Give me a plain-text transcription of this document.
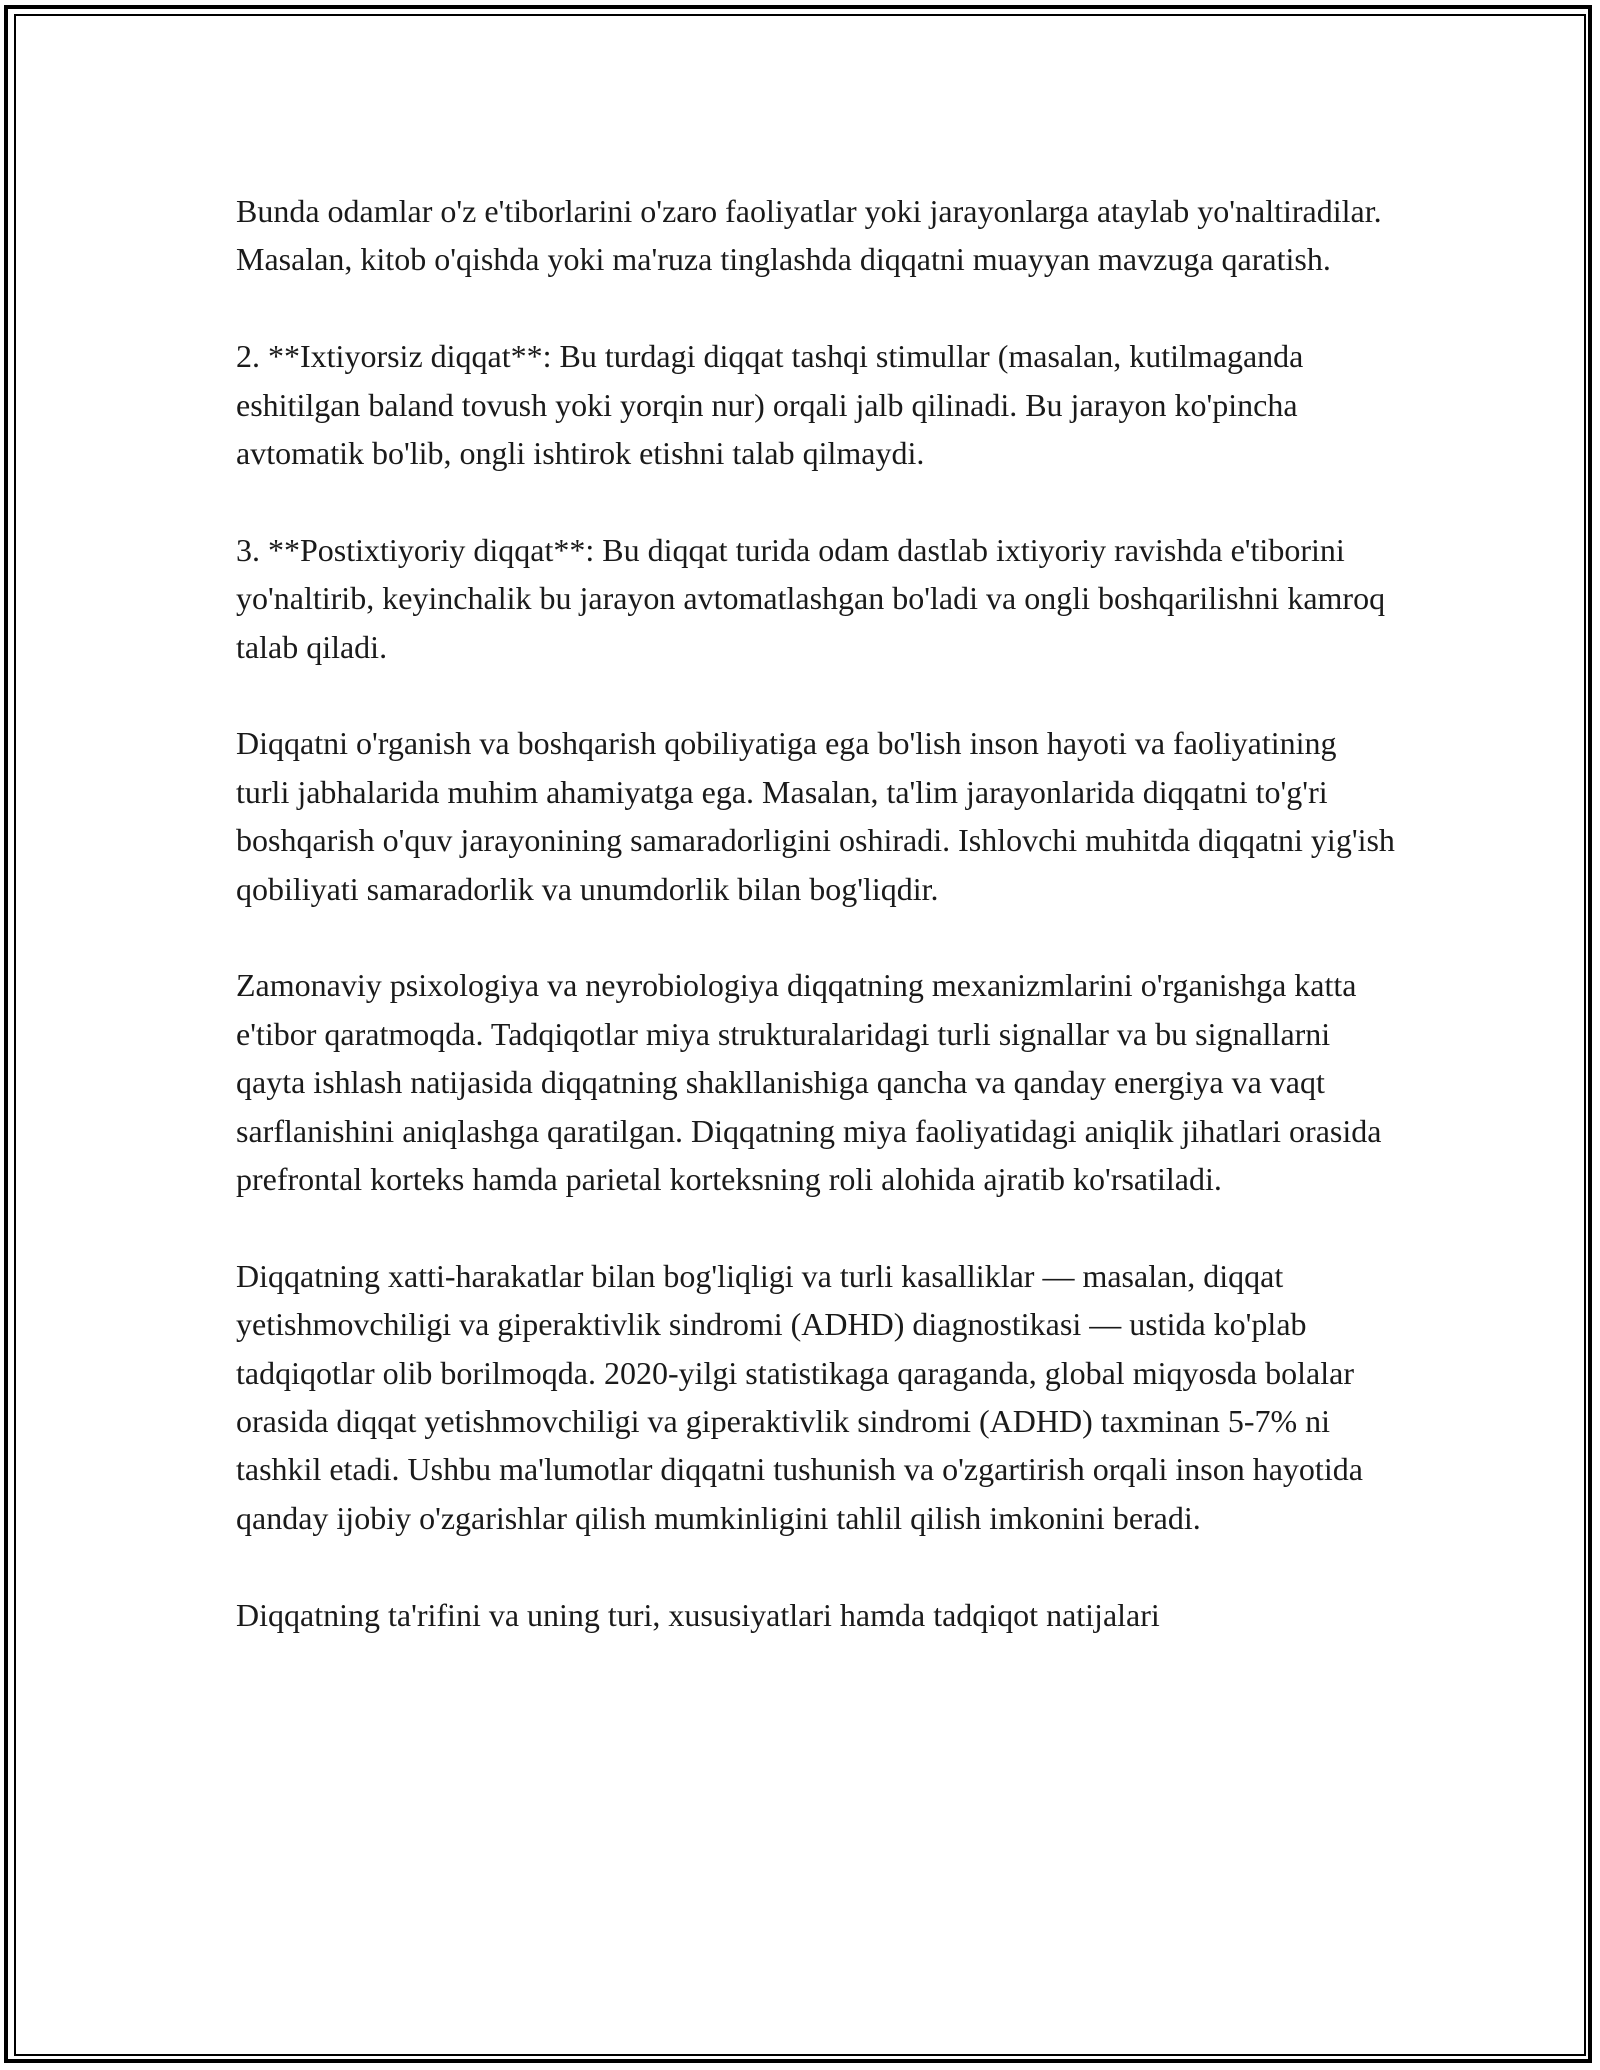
Bunda odamlar o'z e'tiborlarini o'zaro faoliyatlar yoki jarayonlarga ataylab yo'naltiradilar. Masalan, kitob o'qishda yoki ma'ruza tinglashda diqqatni muayyan mavzuga qaratish.

2. **Ixtiyorsiz diqqat**: Bu turdagi diqqat tashqi stimullar (masalan, kutilmaganda eshitilgan baland tovush yoki yorqin nur) orqali jalb qilinadi. Bu jarayon ko'pincha avtomatik bo'lib, ongli ishtirok etishni talab qilmaydi.

3. **Postixtiyoriy diqqat**: Bu diqqat turida odam dastlab ixtiyoriy ravishda e'tiborini yo'naltirib, keyinchalik bu jarayon avtomatlashgan bo'ladi va ongli boshqarilishni kamroq talab qiladi.

Diqqatni o'rganish va boshqarish qobiliyatiga ega bo'lish inson hayoti va faoliyatining turli jabhalarida muhim ahamiyatga ega. Masalan, ta'lim jarayonlarida diqqatni to'g'ri boshqarish o'quv jarayonining samaradorligini oshiradi. Ishlovchi muhitda diqqatni yig'ish qobiliyati samaradorlik va unumdorlik bilan bog'liqdir.

Zamonaviy psixologiya va neyrobiologiya diqqatning mexanizmlarini o'rganishga katta e'tibor qaratmoqda. Tadqiqotlar miya strukturalaridagi turli signallar va bu signallarni qayta ishlash natijasida diqqatning shakllanishiga qancha va qanday energiya va vaqt sarflanishini aniqlashga qaratilgan. Diqqatning miya faoliyatidagi aniqlik jihatlari orasida prefrontal korteks hamda parietal korteksning roli alohida ajratib ko'rsatiladi.

Diqqatning xatti-harakatlar bilan bog'liqligi va turli kasalliklar — masalan, diqqat yetishmovchiligi va giperaktivlik sindromi (ADHD) diagnostikasi — ustida ko'plab tadqiqotlar olib borilmoqda. 2020-yilgi statistikaga qaraganda, global miqyosda bolalar orasida diqqat yetishmovchiligi va giperaktivlik sindromi (ADHD) taxminan 5-7% ni tashkil etadi. Ushbu ma'lumotlar diqqatni tushunish va o'zgartirish orqali inson hayotida qanday ijobiy o'zgarishlar qilish mumkinligini tahlil qilish imkonini beradi.

Diqqatning ta'rifini va uning turi, xususiyatlari hamda tadqiqot natijalari
